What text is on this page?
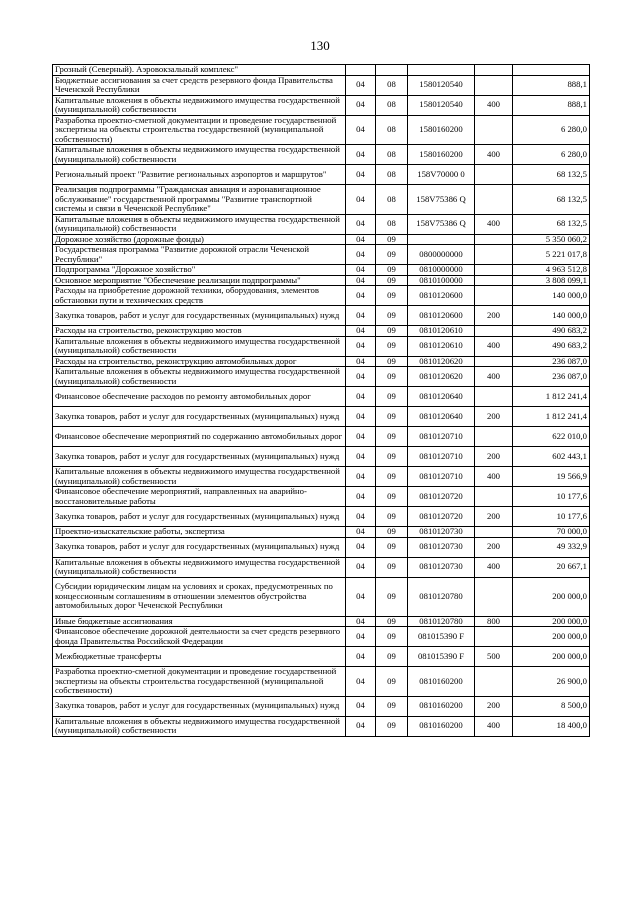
130
Грозный (Северный). Аэровокзальный комплекс"					
Бюджетные ассигнования за счет средств резервного фонда Правительства Чеченской Республики	04	08	1580120540		888,1
Капитальные вложения в объекты недвижимого имущества государственной (муниципальной) собственности	04	08	1580120540	400	888,1
Разработка проектно-сметной документации и проведение государственной экспертизы на объекты строительства государственной (муниципальной собственности)	04	08	1580160200		6 280,0
Капитальные вложения в объекты недвижимого имущества государственной (муниципальной) собственности	04	08	1580160200	400	6 280,0
Региональный проект "Развитие региональных аэропортов и маршрутов"	04	08	158V70000 0		68 132,5
Реализация подпрограммы "Гражданская авиация и аэронавигационное обслуживание" государственной программы "Развитие транспортной системы и связи в Чеченской Республике"	04	08	158V75386 Q		68 132,5
Капитальные вложения в объекты недвижимого имущества государственной (муниципальной) собственности	04	08	158V75386 Q	400	68 132,5
Дорожное хозяйство (дорожные фонды)	04	09			5 350 060,2
Государственная программа "Развитие дорожной отрасли Чеченской Республики"	04	09	0800000000		5 221 017,8
Подпрограмма "Дорожное хозяйство"	04	09	0810000000		4 963 512,8
Основное мероприятие "Обеспечение реализации подпрограммы"	04	09	0810100000		3 808 099,1
Расходы на приобретение дорожной техники, оборудования, элементов обстановки пути и технических средств	04	09	0810120600		140 000,0
Закупка товаров, работ и услуг для государственных (муниципальных) нужд	04	09	0810120600	200	140 000,0
Расходы на строительство, реконструкцию мостов	04	09	0810120610		490 683,2
Капитальные вложения в объекты недвижимого имущества государственной (муниципальной) собственности	04	09	0810120610	400	490 683,2
Расходы на строительство, реконструкцию автомобильных дорог	04	09	0810120620		236 087,0
Капитальные вложения в объекты недвижимого имущества государственной (муниципальной) собственности	04	09	0810120620	400	236 087,0
Финансовое обеспечение расходов по ремонту автомобильных дорог	04	09	0810120640		1 812 241,4
Закупка товаров, работ и услуг для государственных (муниципальных) нужд	04	09	0810120640	200	1 812 241,4
Финансовое обеспечение мероприятий по содержанию автомобильных дорог	04	09	0810120710		622 010,0
Закупка товаров, работ и услуг для государственных (муниципальных) нужд	04	09	0810120710	200	602 443,1
Капитальные вложения в объекты недвижимого имущества государственной (муниципальной) собственности	04	09	0810120710	400	19 566,9
Финансовое обеспечение мероприятий, направленных на аварийно-восстановительные работы	04	09	0810120720		10 177,6
Закупка товаров, работ и услуг для государственных (муниципальных) нужд	04	09	0810120720	200	10 177,6
Проектно-изыскательские работы, экспертиза	04	09	0810120730		70 000,0
Закупка товаров, работ и услуг для государственных (муниципальных) нужд	04	09	0810120730	200	49 332,9
Капитальные вложения в объекты недвижимого имущества государственной (муниципальной) собственности	04	09	0810120730	400	20 667,1
Субсидии юридическим лицам на условиях и сроках, предусмотренных по концессионным соглашениям в отношении элементов обустройства автомобильных дорог Чеченской Республики	04	09	0810120780		200 000,0
Иные бюджетные ассигнования	04	09	0810120780	800	200 000,0
Финансовое обеспечение дорожной деятельности за счет средств резервного фонда Правительства Российской Федерации	04	09	081015390 F		200 000,0
Межбюджетные трансферты	04	09	081015390 F	500	200 000,0
Разработка проектно-сметной документации и проведение государственной экспертизы на объекты строительства государственной (муниципальной собственности)	04	09	0810160200		26 900,0
Закупка товаров, работ и услуг для государственных (муниципальных) нужд	04	09	0810160200	200	8 500,0
Капитальные вложения в объекты недвижимого имущества государственной (муниципальной) собственности	04	09	0810160200	400	18 400,0
